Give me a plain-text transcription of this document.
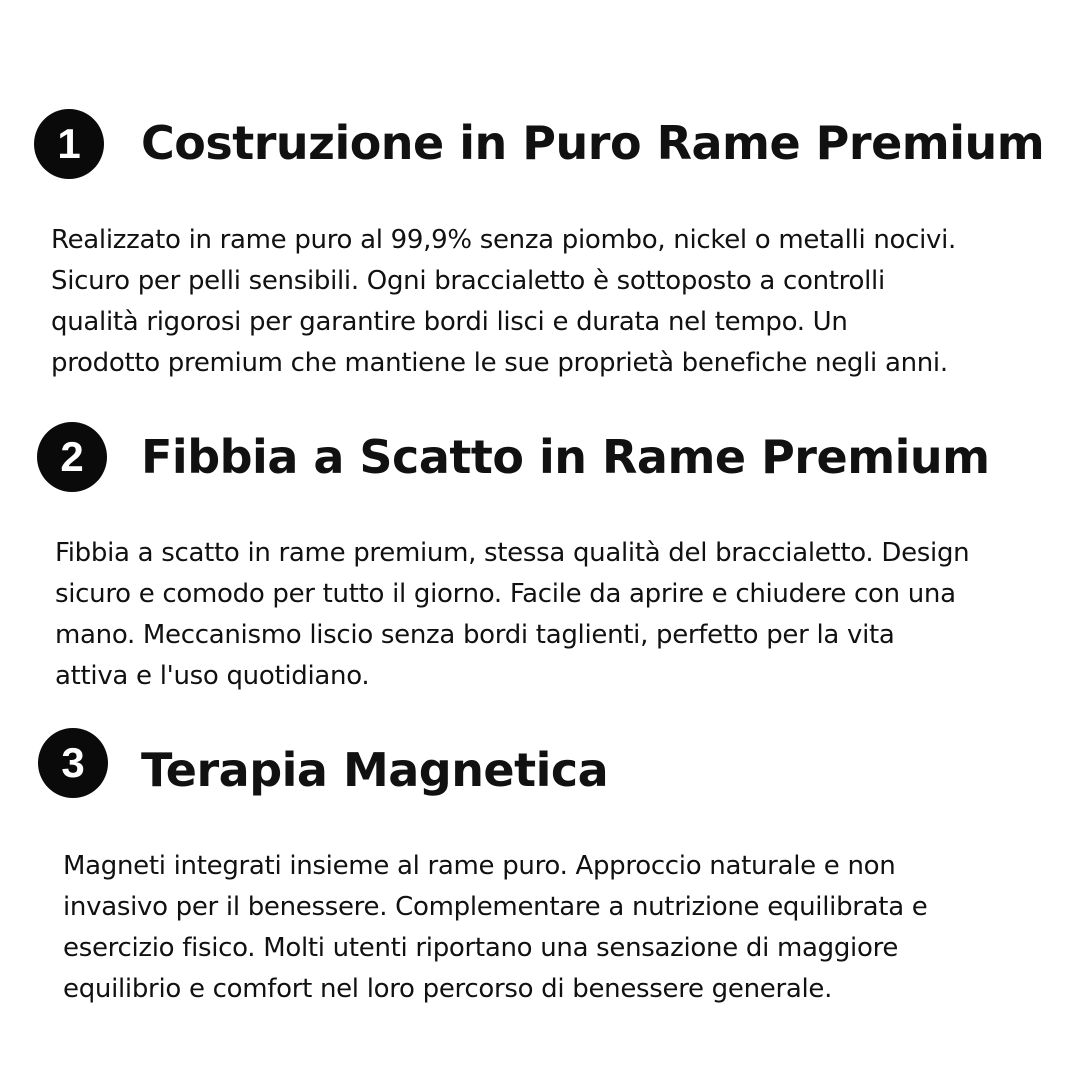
1	Costruzione in Puro Rame Premium

Realizzato in rame puro al 99,9% senza piombo, nickel o metalli nocivi.
Sicuro per pelli sensibili. Ogni braccialetto è sottoposto a controlli
qualità rigorosi per garantire bordi lisci e durata nel tempo. Un
prodotto premium che mantiene le sue proprietà benefiche negli anni.

2	Fibbia a Scatto in Rame Premium

Fibbia a scatto in rame premium, stessa qualità del braccialetto. Design
sicuro e comodo per tutto il giorno. Facile da aprire e chiudere con una
mano. Meccanismo liscio senza bordi taglienti, perfetto per la vita
attiva e l'uso quotidiano.

3	Terapia Magnetica

Magneti integrati insieme al rame puro. Approccio naturale e non
invasivo per il benessere. Complementare a nutrizione equilibrata e
esercizio fisico. Molti utenti riportano una sensazione di maggiore
equilibrio e comfort nel loro percorso di benessere generale.
